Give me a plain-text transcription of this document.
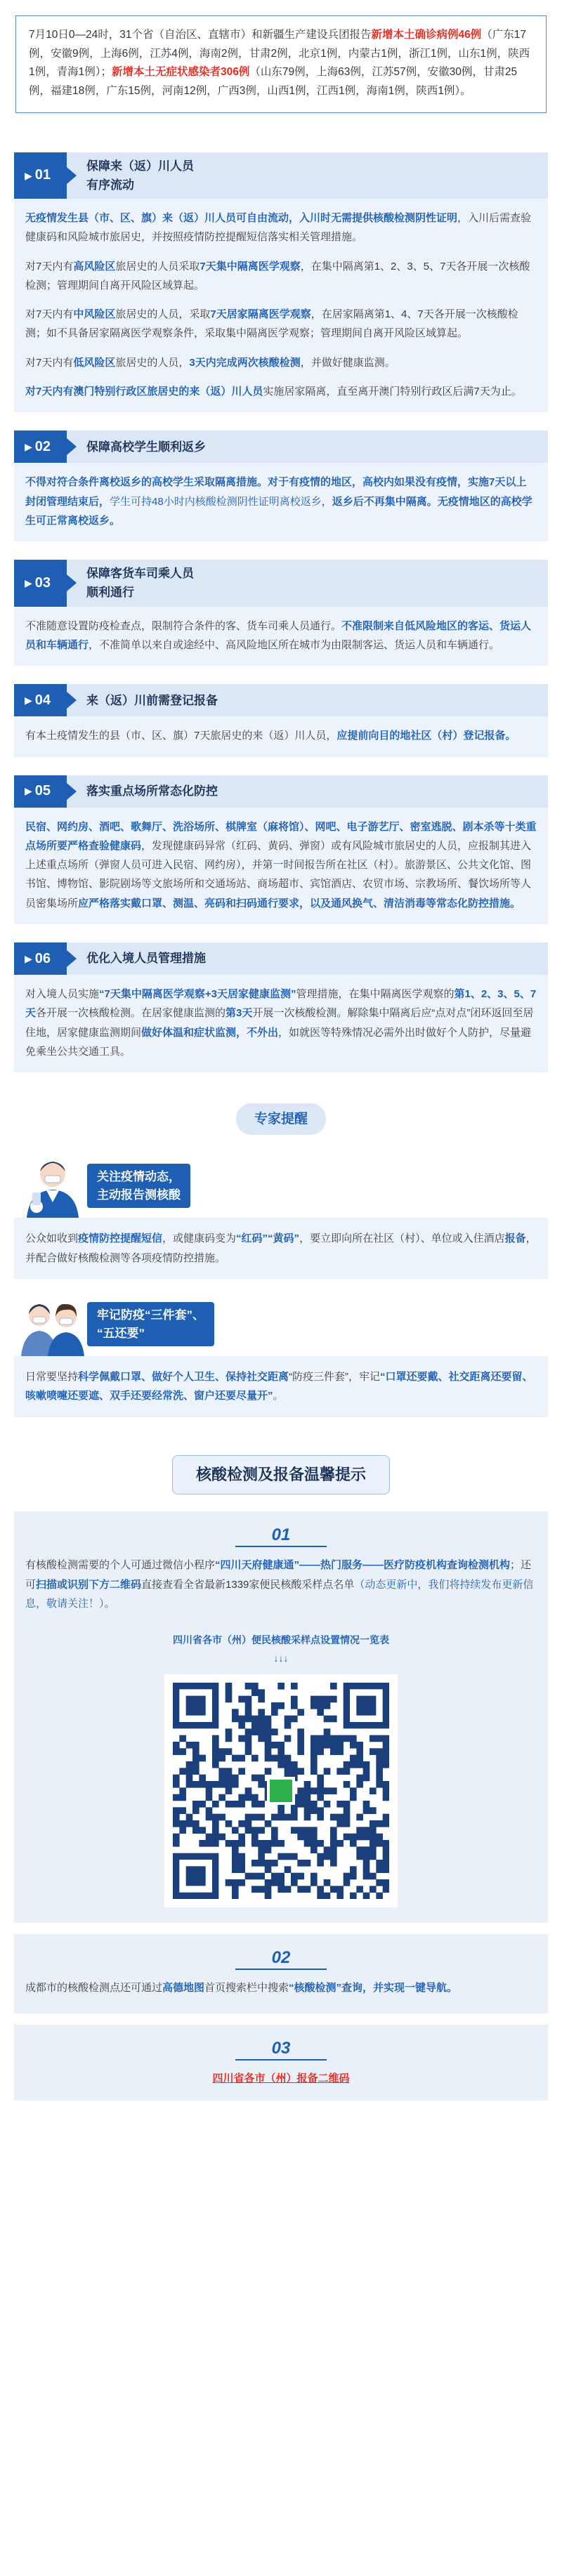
7月10日0—24时，31个省（自治区、直辖市）和新疆生产建设兵团报告新增本土确诊病例46例（广东17例，安徽9例，上海6例，江苏4例，海南2例，甘肃2例，北京1例，内蒙古1例，浙江1例，山东1例，陕西1例，青海1例）；新增本土无症状感染者306例（山东79例，上海63例，江苏57例，安徽30例，甘肃25例，福建18例，广东15例，河南12例，广西3例，山西1例，江西1例，海南1例，陕西1例）。
▶ 01
保障来（返）川人员
有序流动

无疫情发生县（市、区、旗）来（返）川人员可自由流动，入川时无需提供核酸检测阴性证明，入川后需查验健康码和风险城市旅居史，并按照疫情防控提醒短信落实相关管理措施。

对7天内有高风险区旅居史的人员采取7天集中隔离医学观察，在集中隔离第1、2、3、5、7天各开展一次核酸检测；管理期间自离开风险区域算起。

对7天内有中风险区旅居史的人员，采取7天居家隔离医学观察，在居家隔离第1、4、7天各开展一次核酸检测；如不具备居家隔离医学观察条件，采取集中隔离医学观察；管理期间自离开风险区域算起。

对7天内有低风险区旅居史的人员，3天内完成两次核酸检测，并做好健康监测。

对7天内有澳门特别行政区旅居史的来（返）川人员实施居家隔离，直至离开澳门特别行政区后满7天为止。

▶ 02	保障高校学生顺利返乡

不得对符合条件离校返乡的高校学生采取隔离措施。对于有疫情的地区，高校内如果没有疫情，实施7天以上封闭管理结束后，学生可持48小时内核酸检测阴性证明离校返乡，返乡后不再集中隔离。无疫情地区的高校学生可正常离校返乡。

▶ 03
保障客货车司乘人员
顺利通行

不准随意设置防疫检查点，限制符合条件的客、货车司乘人员通行。不准限制来自低风险地区的客运、货运人员和车辆通行，不准简单以来自或途经中、高风险地区所在城市为由限制客运、货运人员和车辆通行。

▶ 04	来（返）川前需登记报备

有本土疫情发生的县（市、区、旗）7天旅居史的来（返）川人员，应提前向目的地社区（村）登记报备。

▶ 05	落实重点场所常态化防控

民宿、网约房、酒吧、歌舞厅、洗浴场所、棋牌室（麻将馆）、网吧、电子游艺厅、密室逃脱、剧本杀等十类重点场所要严格查验健康码，发现健康码异常（红码、黄码、弹窗）或有风险城市旅居史的人员，应报制其进入上述重点场所（弹窗人员可进入民宿、网约房），并第一时间报告所在社区（村）。旅游景区、公共文化馆、图书馆、博物馆、影院剧场等文旅场所和交通场站、商场超市、宾馆酒店、农贸市场、宗教场所、餐饮场所等人员密集场所应严格落实戴口罩、测温、亮码和扫码通行要求，以及通风换气、清洁消毒等常态化防控措施。

▶ 06	优化入境人员管理措施

对入境人员实施“7天集中隔离医学观察+3天居家健康监测”管理措施，在集中隔离医学观察的第1、2、3、5、7天各开展一次核酸检测。在居家健康监测的第3天开展一次核酸检测。解除集中隔离后应“点对点”闭环返回至居住地，居家健康监测期间做好体温和症状监测，不外出，如就医等特殊情况必需外出时做好个人防护，尽量避免乘坐公共交通工具。

专家提醒
关注疫情动态，
主动报告测核酸
公众如收到疫情防控提醒短信，或健康码变为“红码”“黄码”，要立即向所在社区（村）、单位或入住酒店报备，并配合做好核酸检测等各项疫情防控措施。
牢记防疫“三件套”、
“五还要”
日常要坚持科学佩戴口罩、做好个人卫生、保持社交距离“防疫三件套”，牢记“口罩还要戴、社交距离还要留、咳嗽喷嚏还要遮、双手还要经常洗、窗户还要尽量开”。
核酸检测及报备温馨提示
01
有核酸检测需要的个人可通过微信小程序“四川天府健康通”——热门服务——医疗防疫机构查询检测机构；还可扫描或识别下方二维码直接查看全省最新1339家便民核酸采样点名单（动态更新中，我们将持续发布更新信息，敬请关注！）。
四川省各市（州）便民核酸采样点设置情况一览表
↓↓↓
02
成都市的核酸检测点还可通过高德地图首页搜索栏中搜索“核酸检测”查询，并实现一键导航。
03
四川省各市（州）报备二维码
